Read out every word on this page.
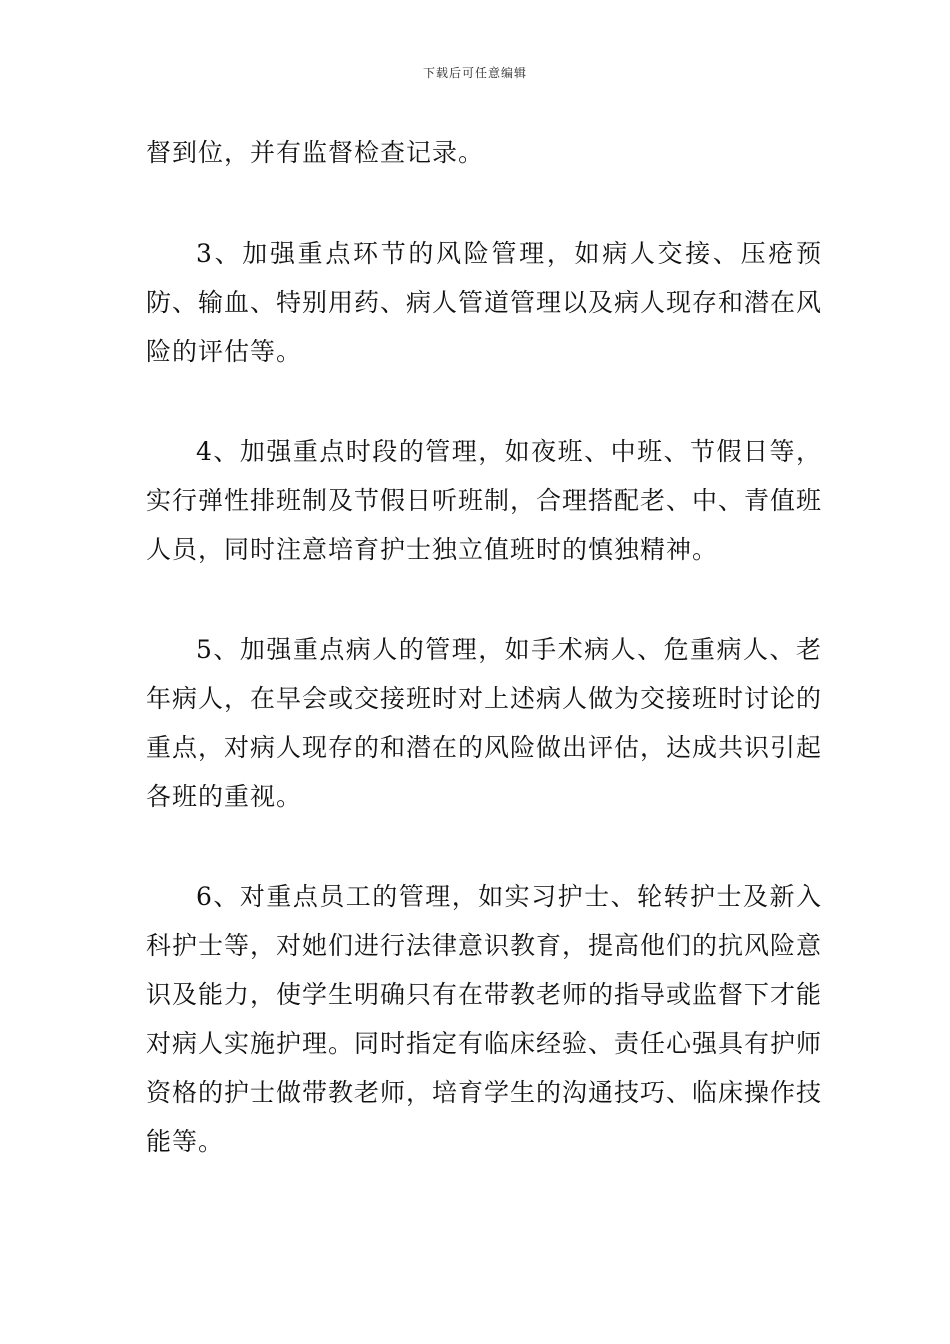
下载后可任意编辑

督到位，并有监督检查记录。

3、加强重点环节的风险管理，如病人交接、压疮预防、输血、特别用药、病人管道管理以及病人现存和潜在风险的评估等。

4、加强重点时段的管理，如夜班、中班、节假日等，实行弹性排班制及节假日听班制，合理搭配老、中、青值班人员，同时注意培育护士独立值班时的慎独精神。

5、加强重点病人的管理，如手术病人、危重病人、老年病人，在早会或交接班时对上述病人做为交接班时讨论的重点，对病人现存的和潜在的风险做出评估，达成共识引起各班的重视。

6、对重点员工的管理，如实习护士、轮转护士及新入科护士等，对她们进行法律意识教育，提高他们的抗风险意识及能力，使学生明确只有在带教老师的指导或监督下才能对病人实施护理。同时指定有临床经验、责任心强具有护师资格的护士做带教老师，培育学生的沟通技巧、临床操作技能等。
